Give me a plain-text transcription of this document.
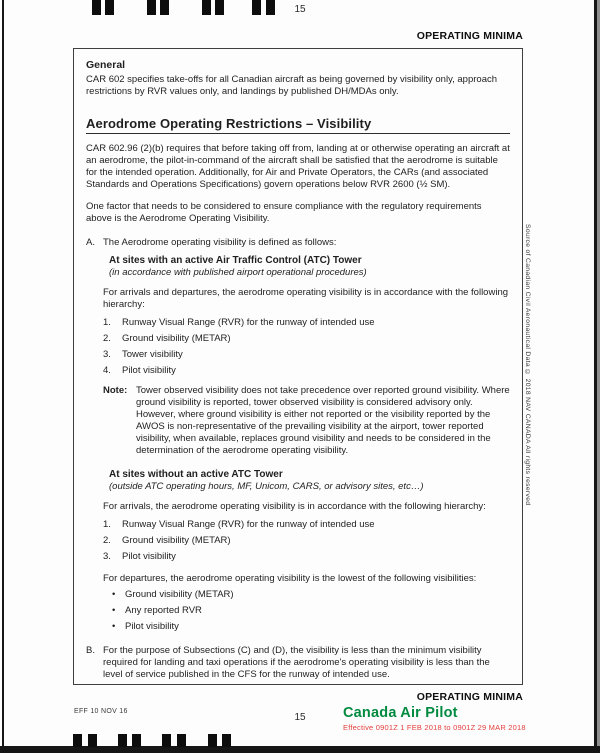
15
OPERATING MINIMA
General
CAR 602 specifies take-offs for all Canadian aircraft as being governed by visibility only, approach restrictions by RVR values only, and landings by published DH/MDAs only.
Aerodrome Operating Restrictions – Visibility
CAR 602.96 (2)(b) requires that before taking off from, landing at or otherwise operating an aircraft at an aerodrome, the pilot-in-command of the aircraft shall be satisfied that the aerodrome is suitable for the intended operation. Additionally, for Air and Private Operators, the CARs (and associated Standards and Operations Specifications) govern operations below RVR 2600 (½ SM).
One factor that needs to be considered to ensure compliance with the regulatory requirements above is the Aerodrome Operating Visibility.
A. The Aerodrome operating visibility is defined as follows:
At sites with an active Air Traffic Control (ATC) Tower
(in accordance with published airport operational procedures)
For arrivals and departures, the aerodrome operating visibility is in accordance with the following hierarchy:
1.	Runway Visual Range (RVR) for the runway of intended use
2.	Ground visibility (METAR)
3.	Tower visibility
4.	Pilot visibility
Note: Tower observed visibility does not take precedence over reported ground visibility. Where ground visibility is reported, tower observed visibility is considered advisory only. However, where ground visibility is either not reported or the visibility reported by the AWOS is non-representative of the prevailing visibility at the airport, tower reported visibility, when available, replaces ground visibility and needs to be considered in the determination of the aerodrome operating visibility.
At sites without an active ATC Tower
(outside ATC operating hours, MF, Unicom, CARS, or advisory sites, etc…)
For arrivals, the aerodrome operating visibility is in accordance with the following hierarchy:
1.	Runway Visual Range (RVR) for the runway of intended use
2.	Ground visibility (METAR)
3.	Pilot visibility
For departures, the aerodrome operating visibility is the lowest of the following visibilities:
•	Ground visibility (METAR)
•	Any reported RVR
•	Pilot visibility
B. For the purpose of Subsections (C) and (D), the visibility is less than the minimum visibility required for landing and taxi operations if the aerodrome's operating visibility is less than the level of service published in the CFS for the runway of intended use.
Source of Canadian Civil Aeronautical Data © 2018 NAV CANADA All rights reserved
OPERATING MINIMA
EFF 10 NOV 16
15	Canada Air Pilot
Effective 0901Z 1 FEB 2018 to 0901Z 29 MAR 2018
